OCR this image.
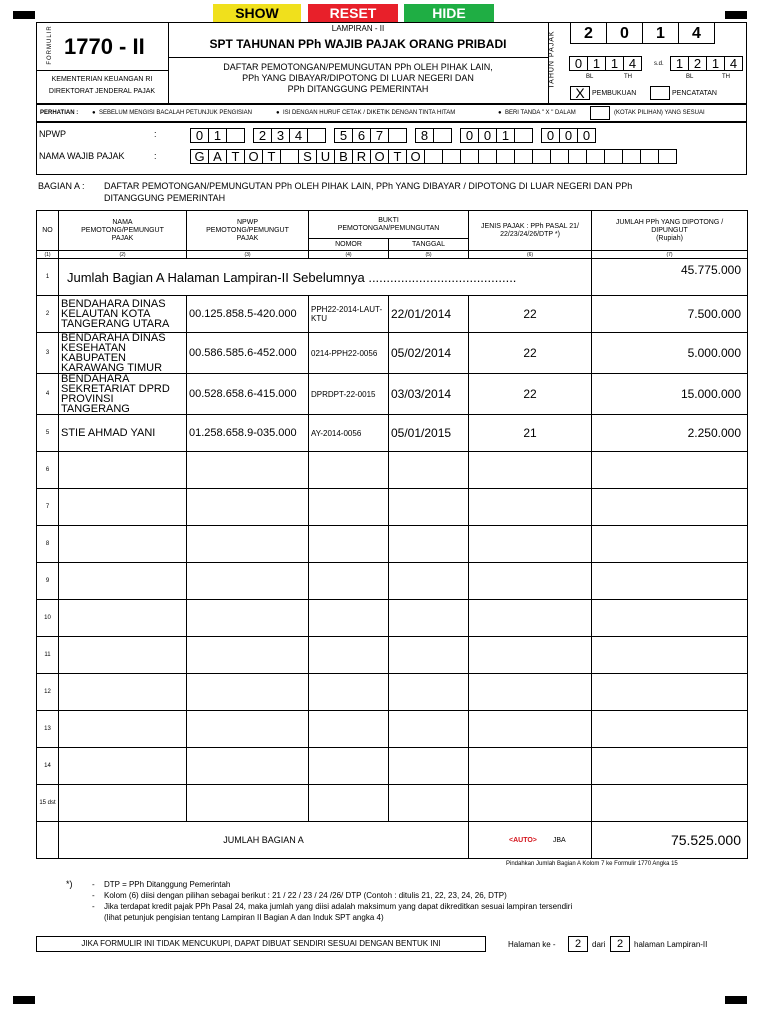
SHOW	RESET	HIDE
FORMULIR 1770 - II
KEMENTERIAN KEUANGAN RI
DIREKTORAT JENDERAL PAJAK
LAMPIRAN - II
SPT TAHUNAN PPh WAJIB PAJAK ORANG PRIBADI
DAFTAR PEMOTONGAN/PEMUNGUTAN PPh OLEH PIHAK LAIN,
PPh YANG DIBAYAR/DIPOTONG DI LUAR NEGERI DAN
PPh DITANGGUNG PEMERINTAH
TAHUN PAJAK	2	0	1	4
0 1 1 4	s.d. 1 2 1 4
BL	TH	BL	TH
X	PEMBUKUAN	PENCATATAN
PERHATIAN : ●  SEBELUM MENGISI BACALAH PETUNJUK PENGISIAN	●  ISI DENGAN HURUF CETAK / DIKETIK DENGAN TINTA HITAM	●  BERI TANDA " X " DALAM	(KOTAK PILIHAN) YANG SESUAI
NPWP	:	0 1	2 3 4	5 6 7	8	0 0 1	0 0 0
NAMA WAJIB PAJAK	:	G A T O T	S U B R O T O
BAGIAN A : DAFTAR PEMOTONGAN/PEMUNGUTAN PPh OLEH PIHAK LAIN, PPh YANG DIBAYAR / DIPOTONG DI LUAR NEGERI DAN PPh
DITANGGUNG PEMERINTAH
NO	NAMA PEMOTONG/PEMUNGUT PAJAK	NPWP PEMOTONG/PEMUNGUT PAJAK	BUKTI PEMOTONGAN/PEMUNGUTAN		JENIS PAJAK : PPh PASAL 21/ 22/23/24/26/DTP *)	JUMLAH PPh YANG DIPOTONG / DIPUNGUT
(Rupiah)

			NOMOR	TANGGAL		
(1)	(2)	(3)	(4)	(5)	(6)	(7)
1	Jumlah Bagian A Halaman Lampiran-II Sebelumnya .........................................					45.775.000
2	BENDAHARA DINAS KELAUTAN KOTA TANGERANG UTARA	00.125.858.5-420.000	PPH22-2014-LAUT-KTU	22/01/2014	22	7.500.000
3	BENDARAHA DINAS KESEHATAN KABUPATEN KARAWANG TIMUR	00.586.585.6-452.000	0214-PPH22-0056	05/02/2014	22	5.000.000
4	BENDAHARA SEKRETARIAT DPRD PROVINSI TANGERANG	00.528.658.6-415.000	DPRDPT-22-0015	03/03/2014	22	15.000.000
5	STIE AHMAD YANI	01.258.658.9-035.000	AY-2014-0056	05/01/2015	21	2.250.000
6						
7						
8						
9						
10						
11						
12						
13						
14						
15 dst						
	JUMLAH BAGIAN A				<AUTO> JBA	75.525.000
Pindahkan Jumlah Bagian A Kolom 7 ke Formulir 1770 Angka 15
*) - DTP = PPh Ditanggung Pemerintah
- Kolom (6) diisi dengan pilihan sebagai berikut : 21 / 22 / 23 / 24 /26/ DTP (Contoh : ditulis 21, 22, 23, 24, 26, DTP)
- Jika terdapat kredit pajak PPh Pasal 24, maka jumlah yang diisi adalah maksimum yang dapat dikreditkan sesuai lampiran tersendiri
(lihat petunjuk pengisian tentang Lampiran II Bagian A dan Induk SPT angka 4)
JIKA FORMULIR INI TIDAK MENCUKUPI, DAPAT DIBUAT SENDIRI SESUAI DENGAN BENTUK INI	Halaman ke -	2	dari	2	halaman Lampiran-II
